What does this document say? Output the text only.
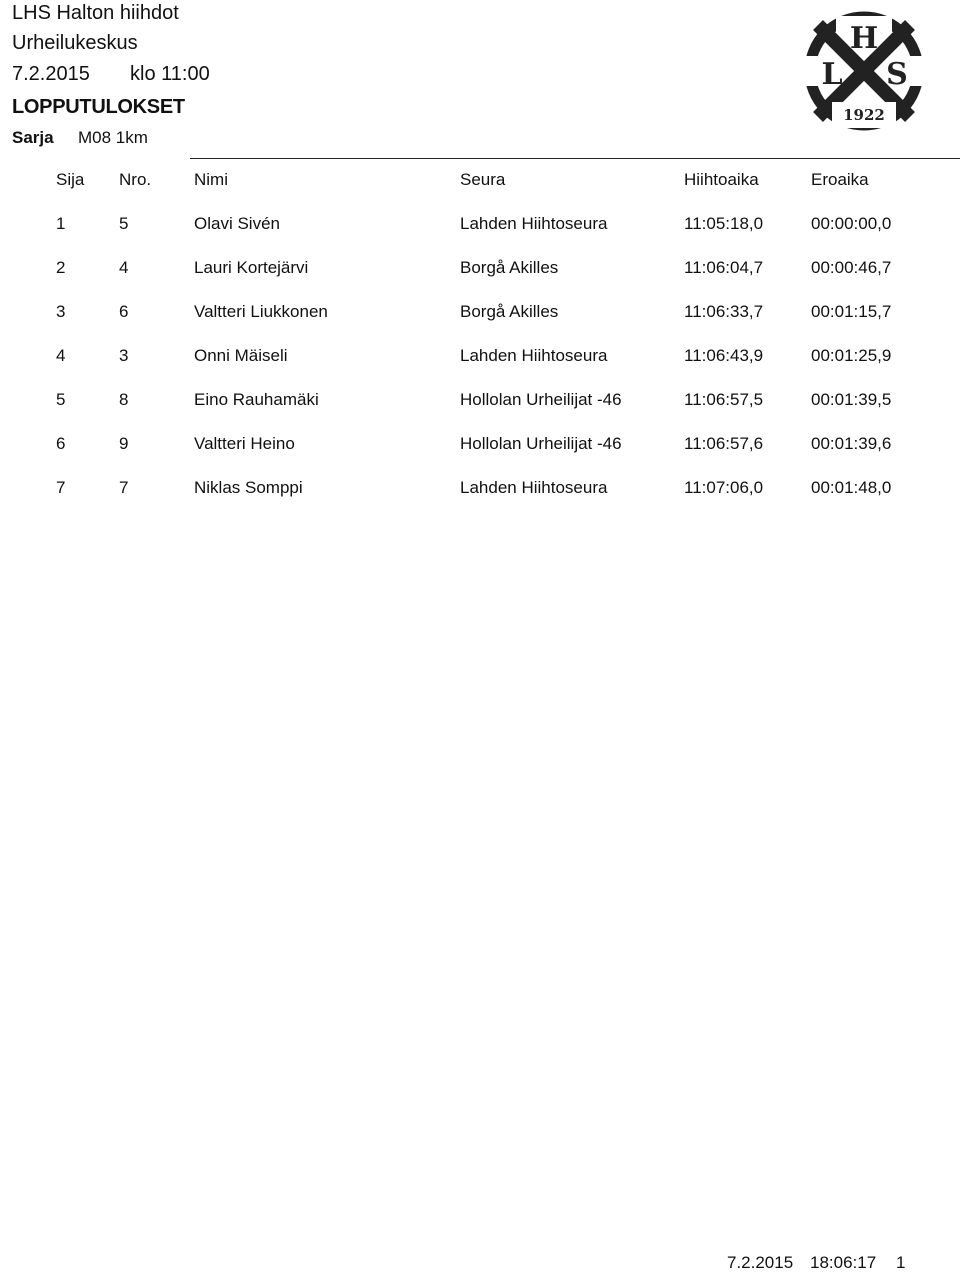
LHS Halton hiihdot
Urheilukeskus
7.2.2015 klo 11:00
LOPPUTULOKSET
Sarja M08 1km
H
L S
1922
Sija Nro.	Nimi	Seura	Hiihtoaika	Eroaika
1	5	Olavi Sivén	Lahden Hiihtoseura	11:05:18,0	00:00:00,0
2	4	Lauri Kortejärvi	Borgå Akilles	11:06:04,7	00:00:46,7
3	6	Valtteri Liukkonen	Borgå Akilles	11:06:33,7	00:01:15,7
4	3	Onni Mäiseli	Lahden Hiihtoseura	11:06:43,9	00:01:25,9
5	8	Eino Rauhamäki	Hollolan Urheilijat -46	11:06:57,5	00:01:39,5
6	9	Valtteri Heino	Hollolan Urheilijat -46	11:06:57,6	00:01:39,6
7	7	Niklas Somppi	Lahden Hiihtoseura	11:07:06,0	00:01:48,0
7.2.2015 18:06:17 1
